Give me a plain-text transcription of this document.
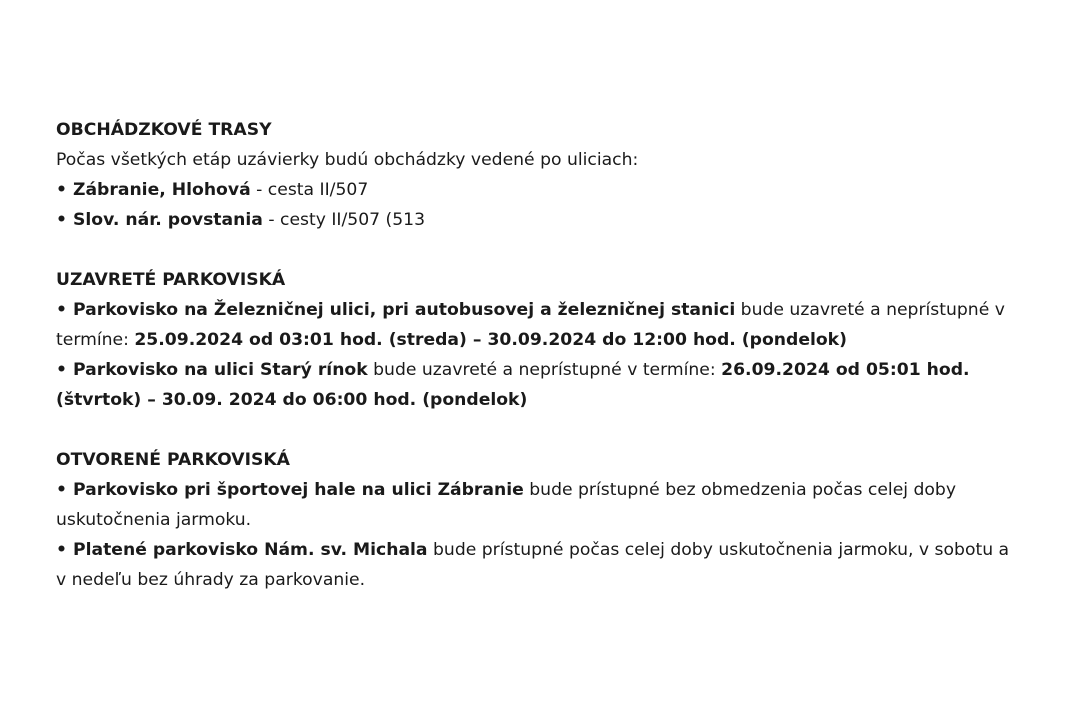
OBCHÁDZKOVÉ TRASY

Počas všetkých etáp uzávierky budú obchádzky vedené po uliciach:

• Zábranie, Hlohová - cesta II/507

• Slov. nár. povstania - cesty II/507 (513

UZAVRETÉ PARKOVISKÁ

• Parkovisko na Železničnej ulici, pri autobusovej a železničnej stanici bude uzavreté a neprístupné v termíne: 25.09.2024 od 03:01 hod. (streda) – 30.09.2024 do 12:00 hod. (pondelok)

• Parkovisko na ulici Starý rínok bude uzavreté a neprístupné v termíne: 26.09.2024 od 05:01 hod. (štvrtok) – 30.09. 2024 do 06:00 hod. (pondelok)

OTVORENÉ PARKOVISKÁ

• Parkovisko pri športovej hale na ulici Zábranie bude prístupné bez obmedzenia počas celej doby uskutočnenia jarmoku.

• Platené parkovisko Nám. sv. Michala bude prístupné počas celej doby uskutočnenia jarmoku, v sobotu a v nedeľu bez úhrady za parkovanie.
